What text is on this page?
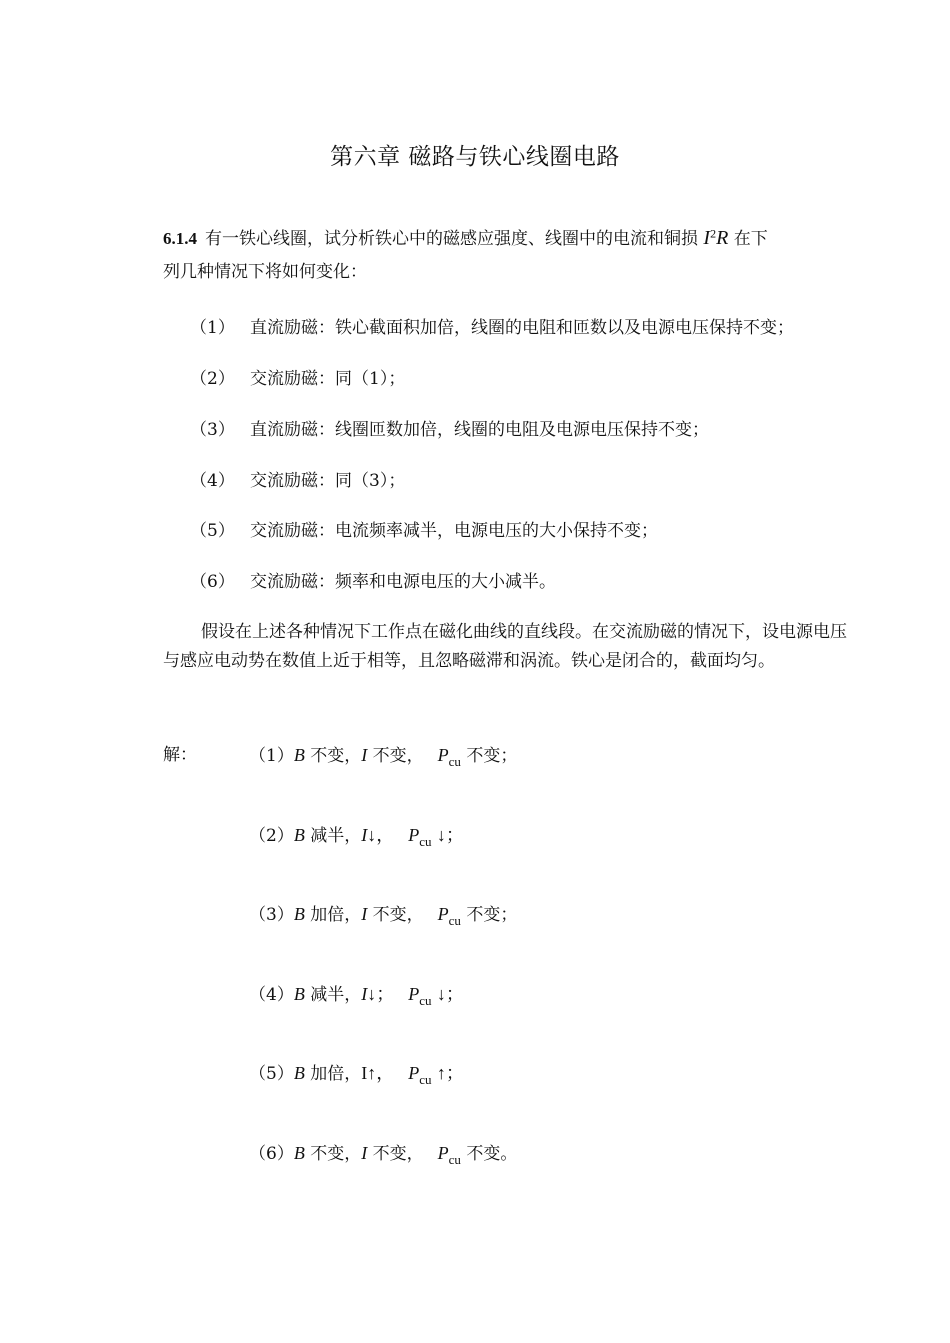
第六章 磁路与铁心线圈电路
6.1.4 有一铁心线圈，试分析铁心中的磁感应强度、线圈中的电流和铜损 $I^2R$ 在下
列几种情况下将如何变化：
（1） 直流励磁：铁心截面积加倍，线圈的电阻和匝数以及电源电压保持不变；
（2） 交流励磁：同（1）；
（3） 直流励磁：线圈匝数加倍，线圈的电阻及电源电压保持不变；
（4） 交流励磁：同（3）；
（5） 交流励磁：电流频率减半，电源电压的大小保持不变；
（6） 交流励磁：频率和电源电压的大小减半。
假设在上述各种情况下工作点在磁化曲线的直线段。在交流励磁的情况下，设电源电压与感应电动势在数值上近于相等，且忽略磁滞和涡流。铁心是闭合的，截面均匀。
解：	（1）B 不变，I 不变， $P_{cu}$ 不变；
（2）B 减半，I↓， $P_{cu}$ ↓；
（3）B 加倍，I 不变， $P_{cu}$ 不变；
（4）B 减半，I↓； $P_{cu}$ ↓；
（5）B 加倍，I↑， $P_{cu}$ ↑；
（6）B 不变，I 不变， $P_{cu}$ 不变。
